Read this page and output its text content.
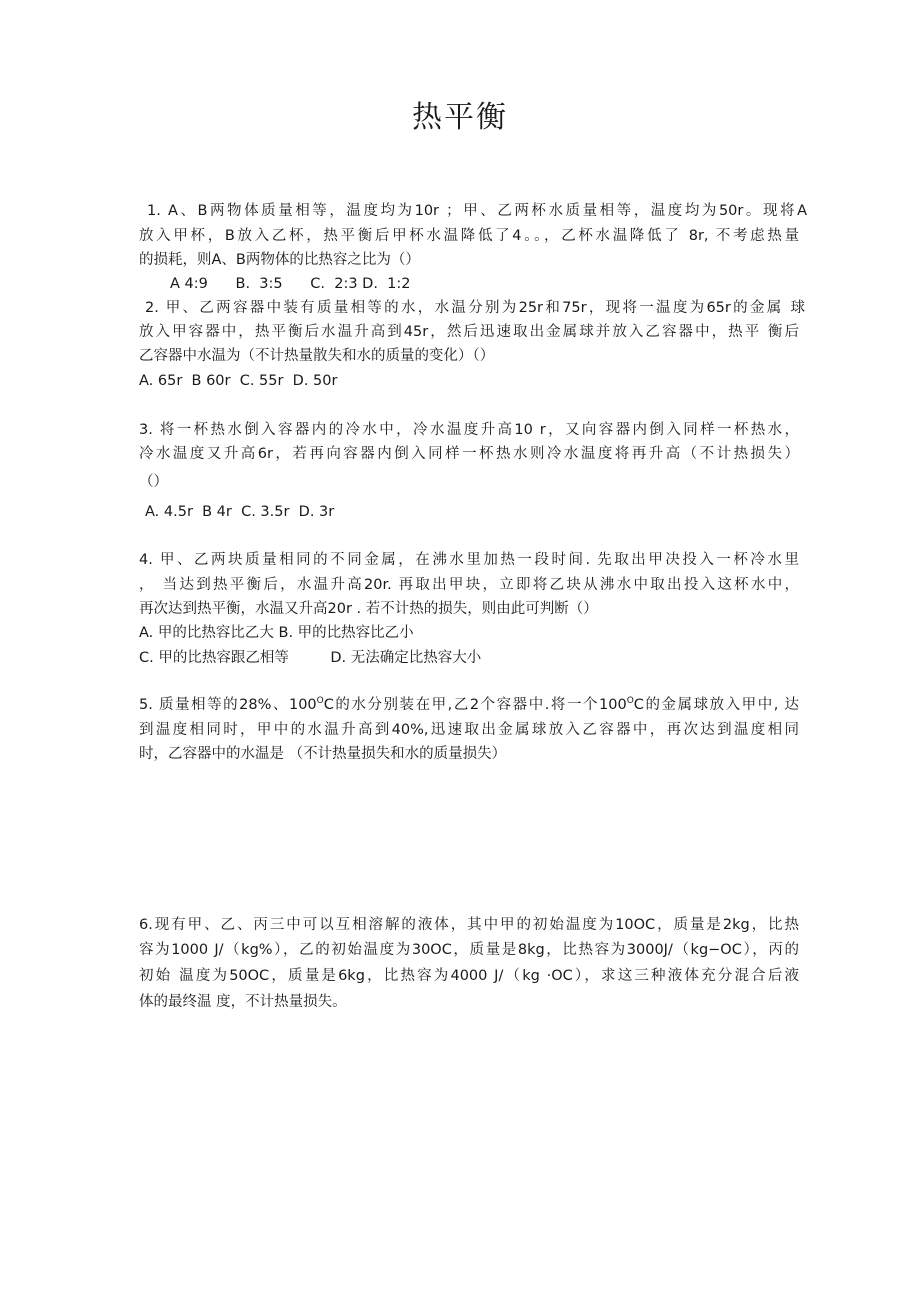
热平衡
1. A、B两物体质量相等，温度均为10r ；甲、乙两杯水质量相等，温度均为50r。现将A
放入甲杯，B放入乙杯，热平衡后甲杯水温降低了4。。，乙杯水温降低了 8r, 不考虑热量
的损耗，则A、B两物体的比热容之比为（）
A 4:9      B.  3:5      C.  2:3 D.  1:2
2. 甲、乙两容器中装有质量相等的水，水温分别为25r和75r，现将一温度为65r的金属 球
放入甲容器中，热平衡后水温升高到45r，然后迅速取出金属球并放入乙容器中，热平 衡后
乙容器中水温为（不计热量散失和水的质量的变化）（）
A. 65r  B 60r  C. 55r  D. 50r
3. 将一杯热水倒入容器内的冷水中，冷水温度升高10 r，又向容器内倒入同样一杯热水，
冷水温度又升高6r，若再向容器内倒入同样一杯热水则冷水温度将再升高（不计热损失）
（）
A. 4.5r  B 4r  C. 3.5r  D. 3r
4. 甲、乙两块质量相同的不同金属，在沸水里加热一段时间. 先取出甲决投入一杯冷水里
， 当达到热平衡后，水温升高20r. 再取出甲块，立即将乙块从沸水中取出投入这杯水中，
再次达到热平衡，水温又升高20r . 若不计热的损失，则由此可判断（）
A. 甲的比热容比乙大 B. 甲的比热容比乙小
C. 甲的比热容跟乙相等         D. 无法确定比热容大小
5. 质量相等的28%、$100^OC$的水分别装在甲,乙2个容器中.将一个$100^OC$的金属球放入甲中, 达
到温度相同时，甲中的水温升高到40%,迅速取出金属球放入乙容器中，再次达到温度相同
时，乙容器中的水温是 （不计热量损失和水的质量损失）
6.现有甲、乙、丙三中可以互相溶解的液体，其中甲的初始温度为10OC，质量是2kg，比热
容为1000 J/（kg%），乙的初始温度为30OC，质量是8kg，比热容为3000J/（kg−OC），丙的
初始 温度为50OC，质量是6kg，比热容为4000 J/（kg ·OC），求这三种液体充分混合后液
体的最终温 度，不计热量损失。
